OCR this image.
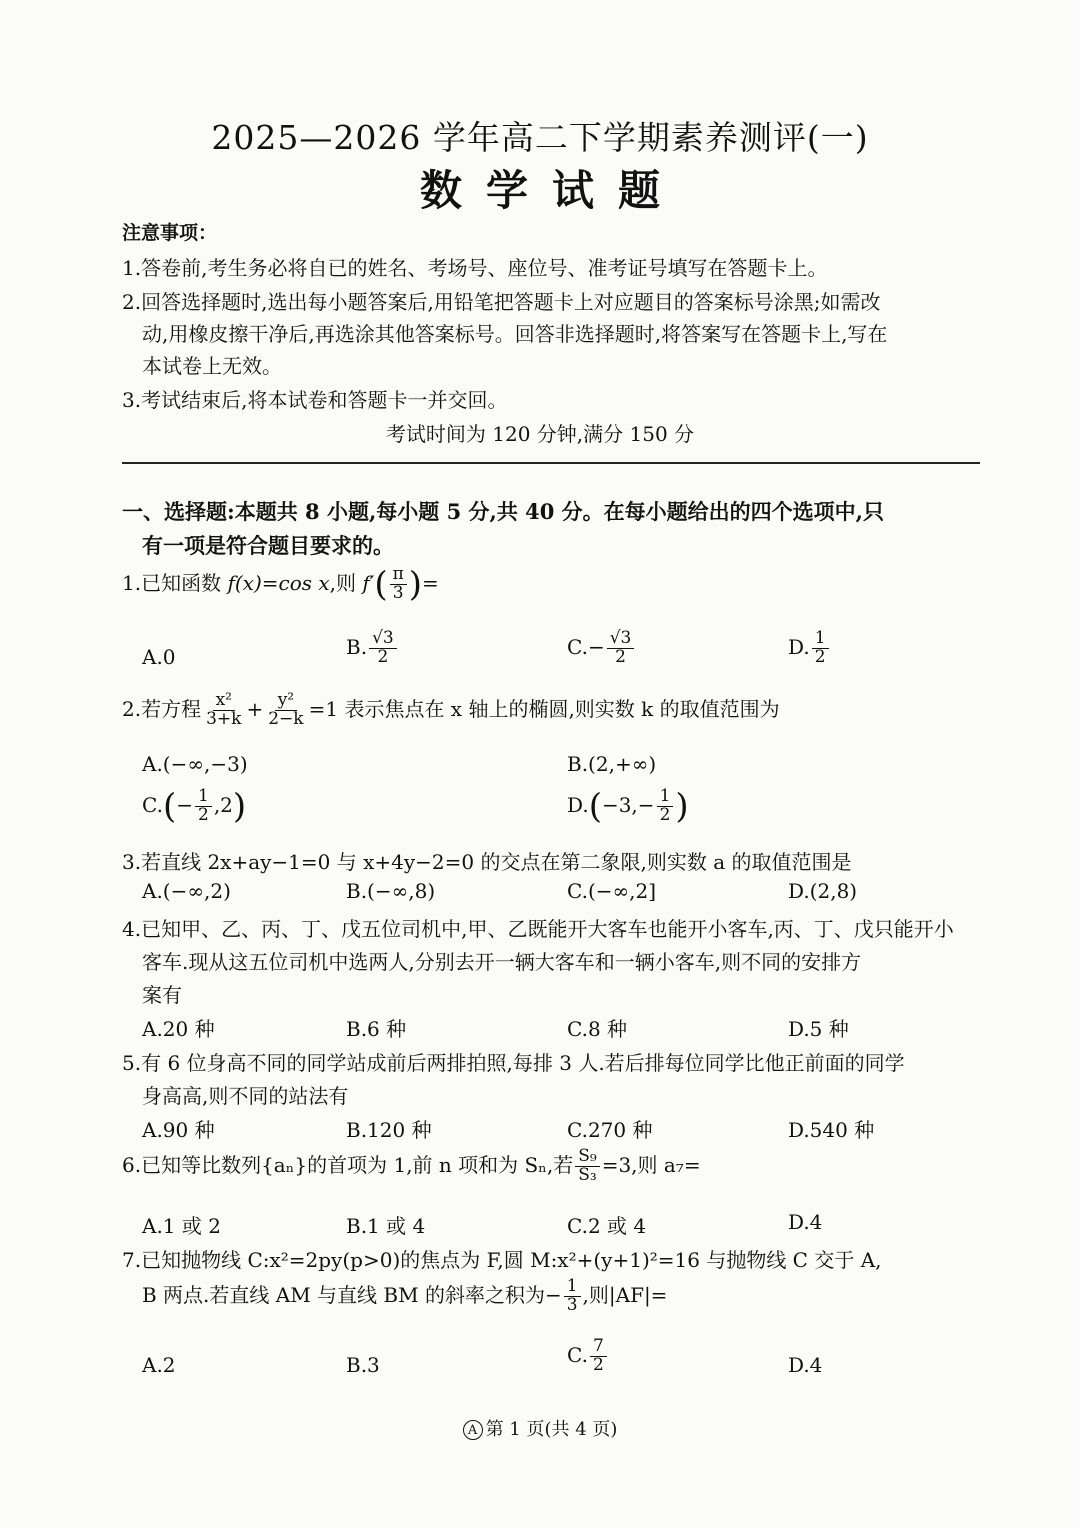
2025—2026 学年高二下学期素养测评(一)
数学试题
注意事项：
1.答卷前,考生务必将自已的姓名、考场号、座位号、准考证号填写在答题卡上。
2.回答选择题时,选出每小题答案后,用铅笔把答题卡上对应题目的答案标号涂黑;如需改
动,用橡皮擦干净后,再选涂其他答案标号。回答非选择题时,将答案写在答题卡上,写在
本试卷上无效。
3.考试结束后,将本试卷和答题卡一并交回。
考试时间为 120 分钟,满分 150 分
一、选择题:本题共 8 小题,每小题 5 分,共 40 分。在每小题给出的四个选项中,只
有一项是符合题目要求的。
1.已知函数 f(x)=cos x,则 $f'( \frac{\pi}{3}$ )=
A.0	B. $\frac{√3}{2}$	$C.- \frac{√3}{2}$	D. $\frac{1}{2}$
2.若方程 $\frac{\text{x²}}{3+k} + \frac{\text{y²}}{2-k} =1$ 表示焦点在 x 轴上的椭圆,则实数 k 的取值范围为
A.(−∞,−3)	B.(2,+∞)
$C.(- \frac{1}{2} ,2)$	$D.(-3,- \frac{1}{2}$ )
3.若直线 2x+ay−1=0 与 x+4y−2=0 的交点在第二象限,则实数 a 的取值范围是
A.(−∞,2)	B.(−∞,8)	C.(−∞,2]	D.(2,8)
4.已知甲、乙、丙、丁、戊五位司机中,甲、乙既能开大客车也能开小客车,丙、丁、戊只能开小
客车.现从这五位司机中选两人,分别去开一辆大客车和一辆小客车,则不同的安排方
案有
A.20 种	B.6 种	C.8 种	D.5 种
5.有 6 位身高不同的同学站成前后两排拍照,每排 3 人.若后排每位同学比他正前面的同学
身高高,则不同的站法有
A.90 种	B.120 种	C.270 种	D.540 种
6.已知等比数列{aₙ}的首项为 1,前 n 项和为 Sₙ,若 $\frac{\text{S₉}}{\text{S₃}} =3$,则 a₇=
A.1 或 2	B.1 或 4	C.2 或 4	D.4
7.已知抛物线 C:x²=2py(p>0)的焦点为 F,圆 M:x²+(y+1)²=16 与抛物线 C 交于 A,
B 两点.若直线 AM 与直线 BM 的斜率之积为− $\frac{1}{3}$ ,则|AF|=
A.2	B.3	C. $\frac{7}{2}$	D.4
A 第 1 页(共 4 页)
